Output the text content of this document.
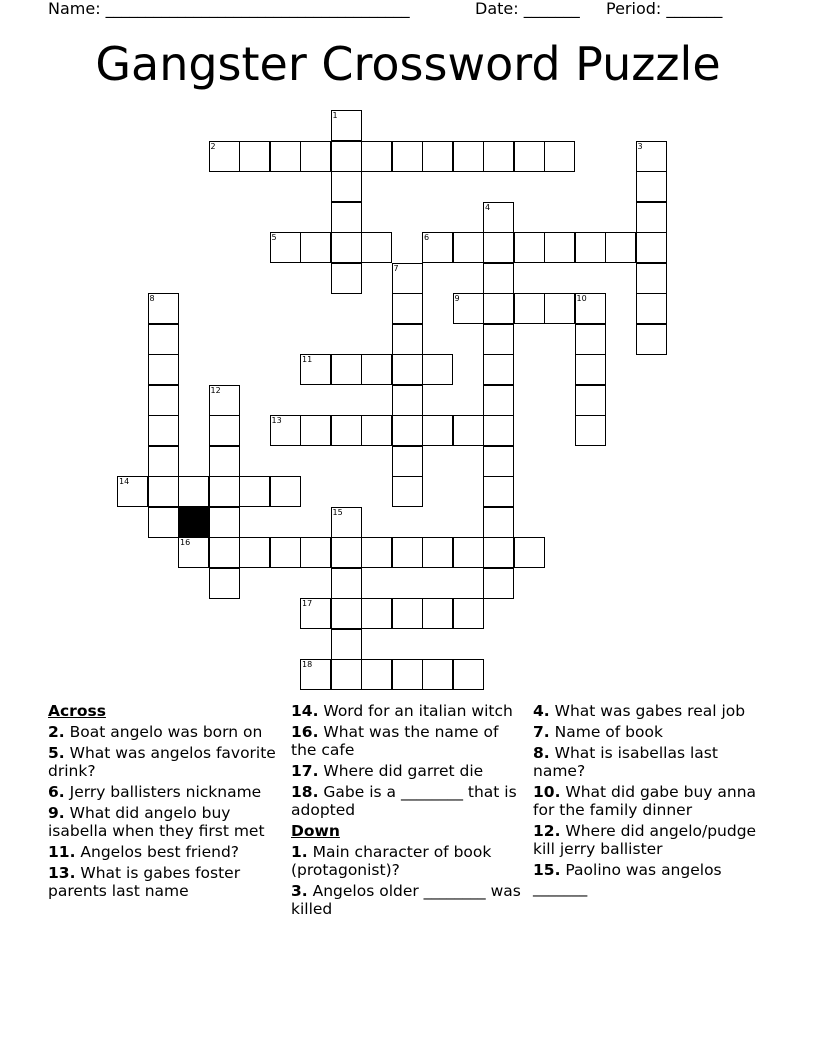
Name: ______________________________________	Date: _______ Period: _______
Gangster Crossword Puzzle
1
2	3
4
5	6
7
8	9	10
11
12
13
14
15
16
17
18
Across
2. Boat angelo was born on
5. What was angelos favorite drink?
6. Jerry ballisters nickname
9. What did angelo buy isabella when they first met
11. Angelos best friend?
13. What is gabes foster parents last name
14. Word for an italian witch
16. What was the name of the cafe
17. Where did garret die
18. Gabe is a ________ that is adopted
Down
1. Main character of book (protagonist)?
3. Angelos older ________ was killed
4. What was gabes real job
7. Name of book
8. What is isabellas last name?
10. What did gabe buy anna for the family dinner
12. Where did angelo/pudge kill jerry ballister
15. Paolino was angelos _______
